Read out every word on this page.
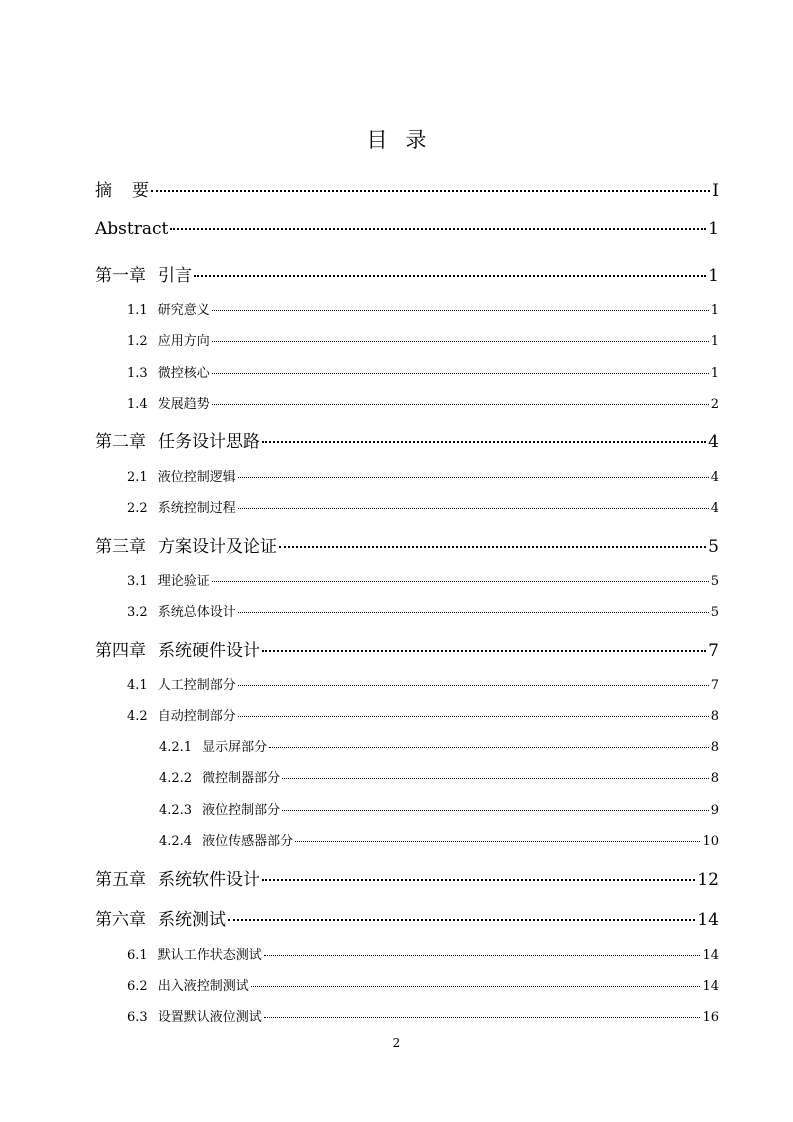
目 录
摘 要	I
Abstract	1
第一章 引言	1
1.1 研究意义	1
1.2 应用方向	1
1.3 微控核心	1
1.4 发展趋势	2
第二章 任务设计思路	4
2.1 液位控制逻辑	4
2.2 系统控制过程	4
第三章 方案设计及论证	5
3.1 理论验证	5
3.2 系统总体设计	5
第四章 系统硬件设计	7
4.1 人工控制部分	7
4.2 自动控制部分	8
4.2.1 显示屏部分	8
4.2.2 微控制器部分	8
4.2.3 液位控制部分	9
4.2.4 液位传感器部分	10
第五章 系统软件设计	12
第六章 系统测试	14
6.1 默认工作状态测试	14
6.2 出入液控制测试	14
6.3 设置默认液位测试	16
2
